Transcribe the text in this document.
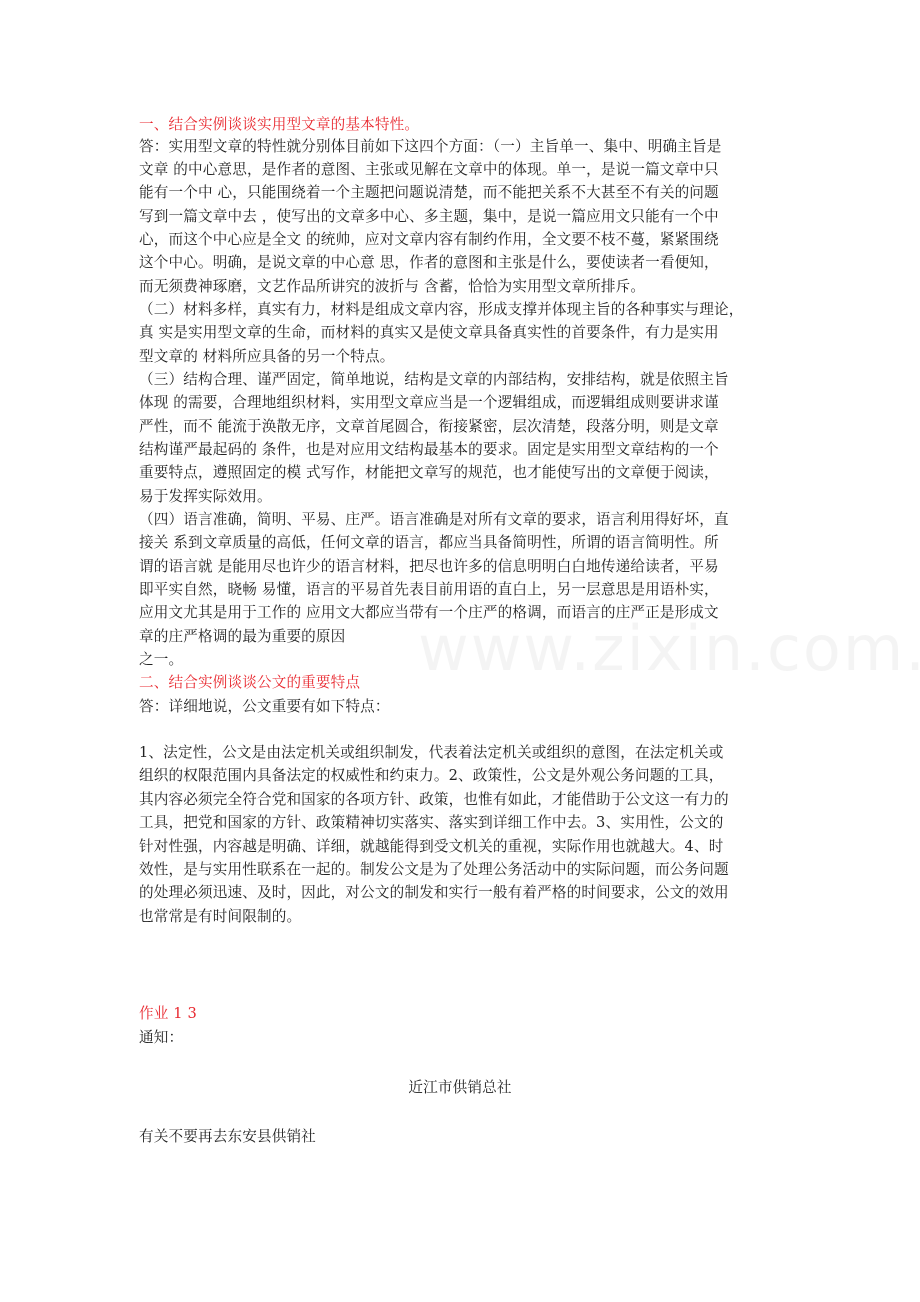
一、结合实例谈谈实用型文章的基本特性。
答：实用型文章的特性就分别体目前如下这四个方面：（一）主旨单一、集中、明确主旨是
文章 的中心意思，是作者的意图、主张或见解在文章中的体现。单一，是说一篇文章中只
能有一个中 心，只能围绕着一个主题把问题说清楚，而不能把关系不大甚至不有关的问题
写到一篇文章中去 ，使写出的文章多中心、多主题，集中，是说一篇应用文只能有一个中
心，而这个中心应是全文 的统帅，应对文章内容有制约作用，全文要不枝不蔓，紧紧围绕
这个中心。明确，是说文章的中心意 思，作者的意图和主张是什么，要使读者一看便知，
而无须费神琢磨，文艺作品所讲究的波折与 含蓄，恰恰为实用型文章所排斥。
（二）材料多样，真实有力，材料是组成文章内容，形成支撑并体现主旨的各种事实与理论，
真 实是实用型文章的生命，而材料的真实又是使文章具备真实性的首要条件，有力是实用
型文章的 材料所应具备的另一个特点。
（三）结构合理、谨严固定，简单地说，结构是文章的内部结构，安排结构，就是依照主旨
体现 的需要，合理地组织材料，实用型文章应当是一个逻辑组成，而逻辑组成则要讲求谨
严性，而不 能流于涣散无序，文章首尾圆合，衔接紧密，层次清楚，段落分明，则是文章
结构谨严最起码的 条件，也是对应用文结构最基本的要求。固定是实用型文章结构的一个
重要特点，遵照固定的模 式写作，材能把文章写的规范，也才能使写出的文章便于阅读，
易于发挥实际效用。
（四）语言准确，简明、平易、庄严。语言准确是对所有文章的要求，语言利用得好坏，直
接关 系到文章质量的高低，任何文章的语言，都应当具备简明性，所谓的语言简明性。所
谓的语言就 是能用尽也许少的语言材料，把尽也许多的信息明明白白地传递给读者，平易
即平实自然，晓畅 易懂，语言的平易首先表目前用语的直白上，另一层意思是用语朴实，
应用文尤其是用于工作的 应用文大都应当带有一个庄严的格调，而语言的庄严正是形成文
章的庄严格调的最为重要的原因
之一。
二、结合实例谈谈公文的重要特点
答：详细地说，公文重要有如下特点：
1、法定性，公文是由法定机关或组织制发，代表着法定机关或组织的意图，在法定机关或
组织的权限范围内具备法定的权威性和约束力。2、政策性，公文是外观公务问题的工具，
其内容必须完全符合党和国家的各项方针、政策，也惟有如此，才能借助于公文这一有力的
工具，把党和国家的方针、政策精神切实落实、落实到详细工作中去。3、实用性，公文的
针对性强，内容越是明确、详细，就越能得到受文机关的重视，实际作用也就越大。4、时
效性，是与实用性联系在一起的。制发公文是为了处理公务活动中的实际问题，而公务问题
的处理必须迅速、及时，因此，对公文的制发和实行一般有着严格的时间要求，公文的效用
也常常是有时间限制的。
作业 1 3
通知：
近江市供销总社
有关不要再去东安县供销社
